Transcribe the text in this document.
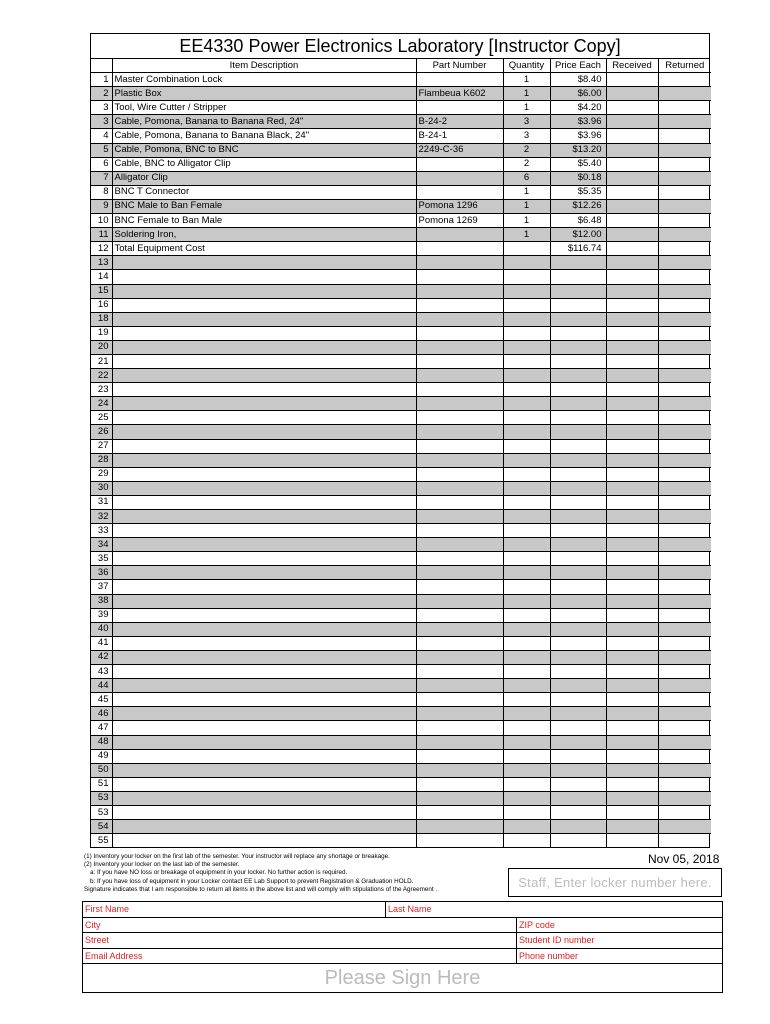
EE4330 Power Electronics Laboratory [Instructor Copy]
	Item Description	Part Number	Quantity	Price Each	Received	Returned
1	Master Combination Lock		1	$8.40		
2	Plastic Box	Flambeua K602	1	$6.00		
3	Tool, Wire Cutter / Stripper		1	$4.20		
3	Cable, Pomona, Banana to Banana Red, 24"	B-24-2	3	$3.96		
4	Cable, Pomona, Banana to Banana Black, 24"	B-24-1	3	$3.96		
5	Cable, Pomona, BNC to BNC	2249-C-36	2	$13.20		
6	Cable, BNC to Alligator Clip		2	$5.40		
7	Alligator Clip		6	$0.18		
8	BNC T Connector		1	$5.35		
9	BNC Male to Ban Female	Pomona 1296	1	$12.26		
10	BNC Female to Ban Male	Pomona 1269	1	$6.48		
11	Soldering Iron,		1	$12.00		
12	Total Equipment Cost			$116.74		
13						
14						
15						
16						
18						
19						
20						
21						
22						
23						
24						
25						
26						
27						
28						
29						
30						
31						
32						
33						
34						
35						
36						
37						
38						
39						
40						
41						
42						
43						
44						
45						
46						
47						
48						
49						
50						
51						
53						
53						
54						
55						
(1) Inventory your locker on the first lab of the semester. Your instructor will replace any shortage or breakage.
(2) Inventory your locker on the last lab of the semester.
a: If you have NO loss or breakage of equipment in your locker. No further action is required.
b: If you have loss of equipment in your Locker contact EE Lab Support to prevent Registration & Graduation HOLD.
Signature indicates that I am responsible to return all items in the above list and will comply with stipulations of the Agreement .
Nov 05, 2018
Staff, Enter locker number here.
First Name	Last Name
City	ZIP code
Street	Student ID number
Email Address	Phone number
Please Sign Here
